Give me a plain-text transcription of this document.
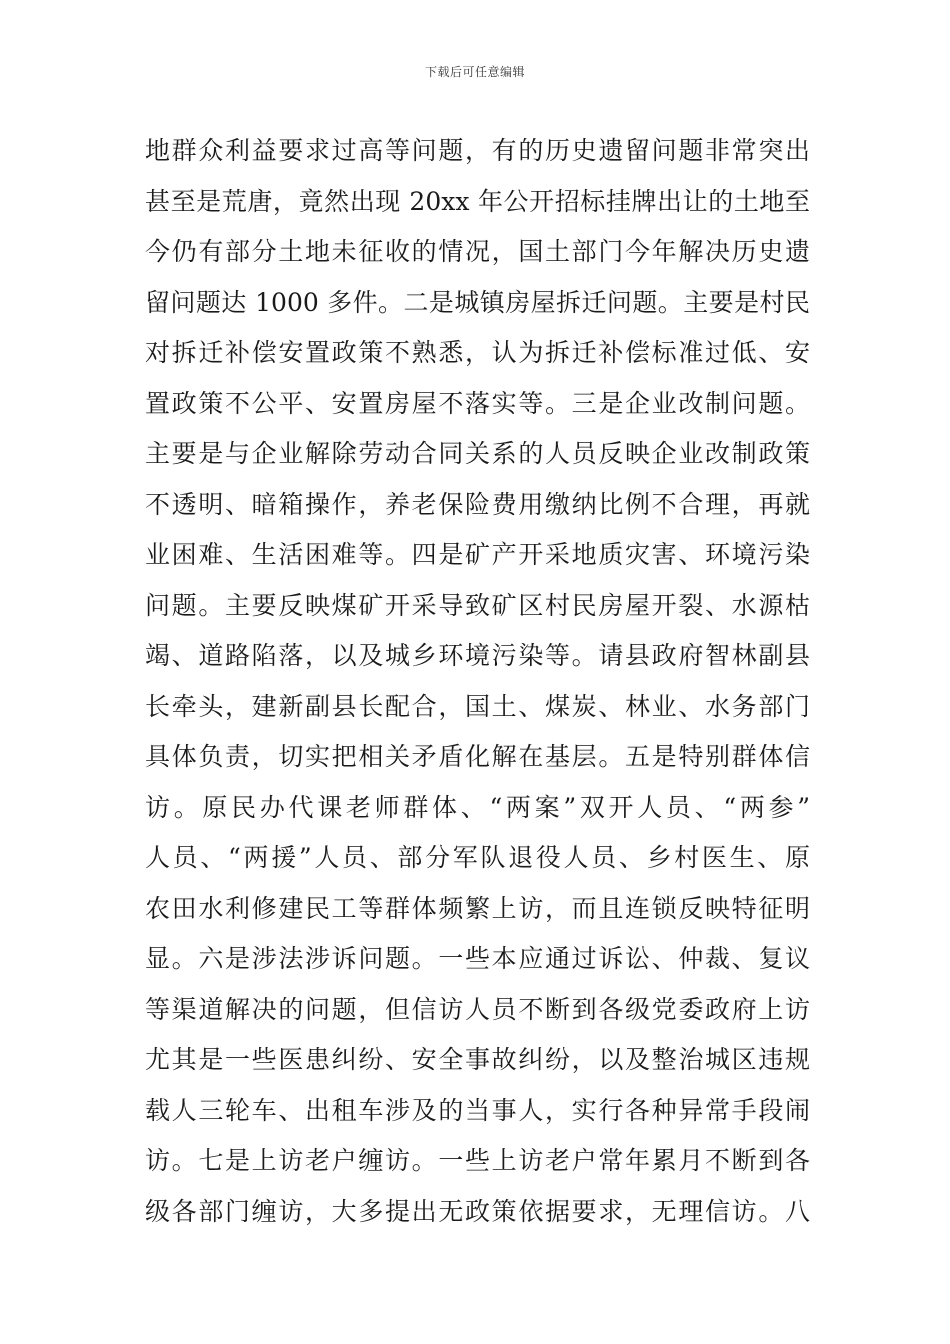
下载后可任意编辑
地群众利益要求过高等问题，有的历史遗留问题非常突出
甚至是荒唐，竟然出现 20xx 年公开招标挂牌出让的土地至
今仍有部分土地未征收的情况，国土部门今年解决历史遗
留问题达 1000 多件。二是城镇房屋拆迁问题。主要是村民
对拆迁补偿安置政策不熟悉，认为拆迁补偿标准过低、安
置政策不公平、安置房屋不落实等。三是企业改制问题。
主要是与企业解除劳动合同关系的人员反映企业改制政策
不透明、暗箱操作，养老保险费用缴纳比例不合理，再就
业困难、生活困难等。四是矿产开采地质灾害、环境污染
问题。主要反映煤矿开采导致矿区村民房屋开裂、水源枯
竭、道路陷落，以及城乡环境污染等。请县政府智林副县
长牵头，建新副县长配合，国土、煤炭、林业、水务部门
具体负责，切实把相关矛盾化解在基层。五是特别群体信
访。原民办代课老师群体、“两案”双开人员、“两参”
人员、“两援”人员、部分军队退役人员、乡村医生、原
农田水利修建民工等群体频繁上访，而且连锁反映特征明
显。六是涉法涉诉问题。一些本应通过诉讼、仲裁、复议
等渠道解决的问题，但信访人员不断到各级党委政府上访
尤其是一些医患纠纷、安全事故纠纷，以及整治城区违规
载人三轮车、出租车涉及的当事人，实行各种异常手段闹
访。七是上访老户缠访。一些上访老户常年累月不断到各
级各部门缠访，大多提出无政策依据要求，无理信访。八
